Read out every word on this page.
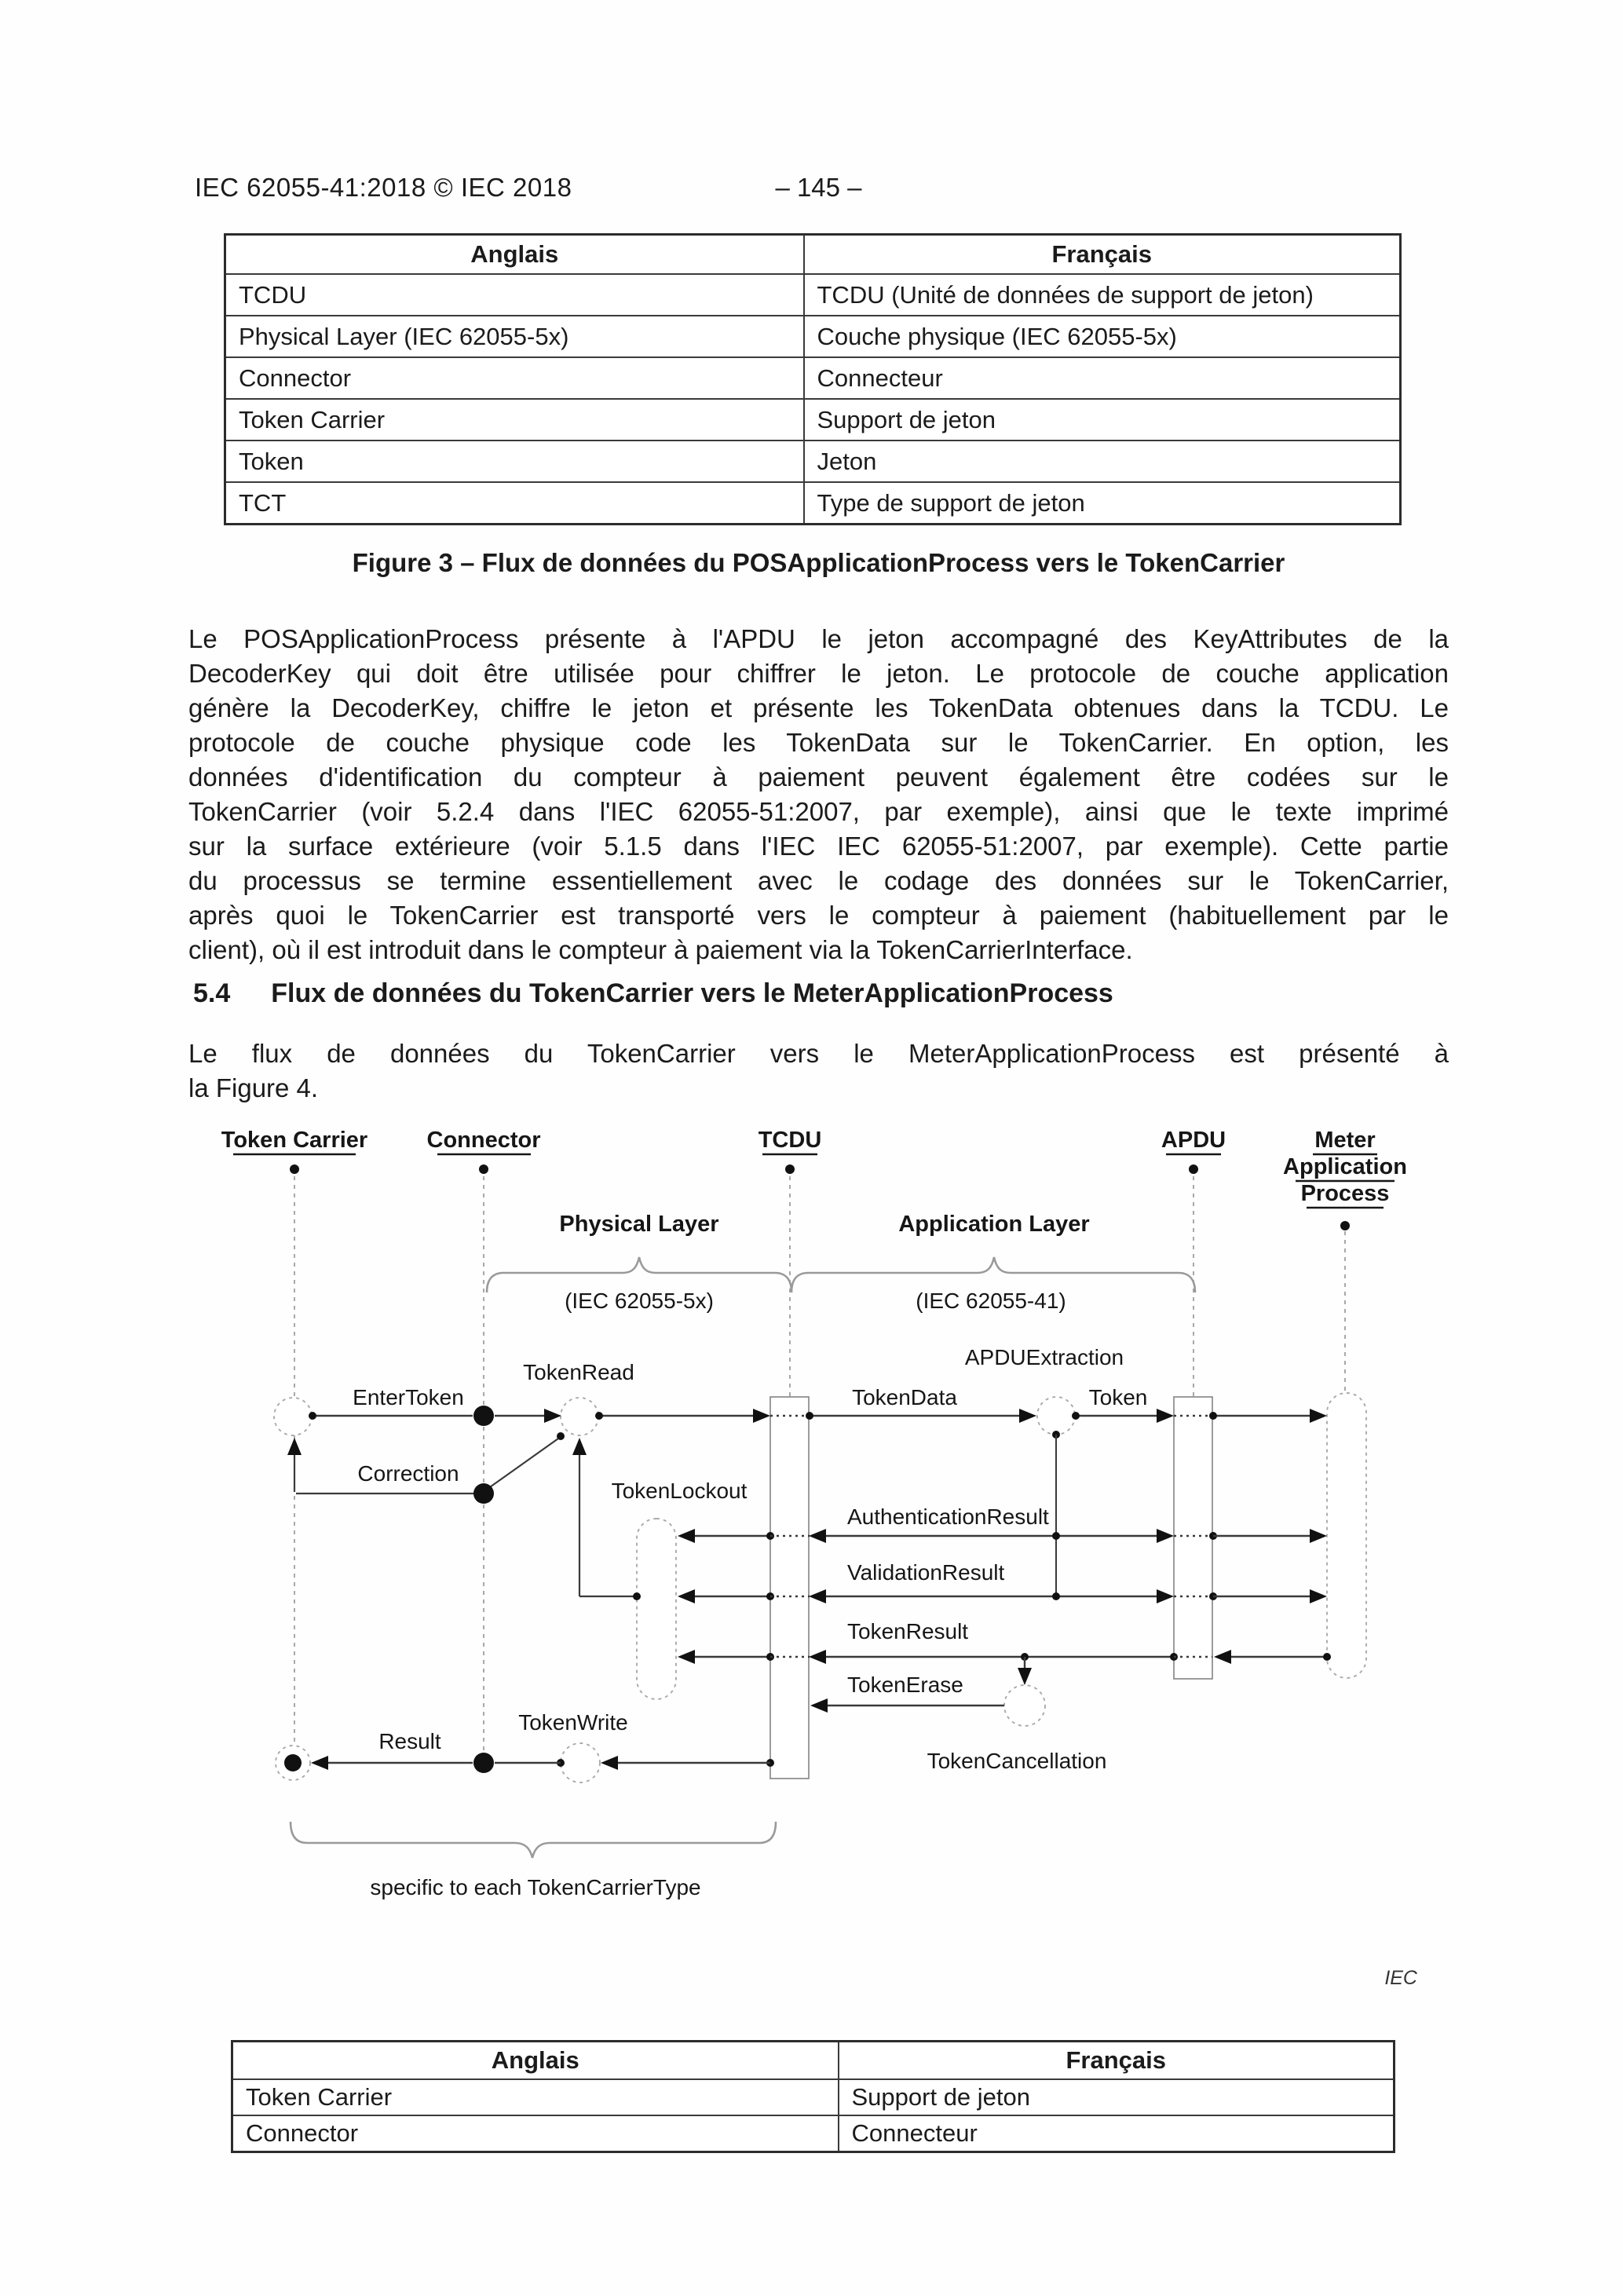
IEC 62055-41:2018 © IEC 2018	– 145 –
Anglais	Français
TCDU	TCDU (Unité de données de support de jeton)
Physical Layer (IEC 62055-5x)	Couche physique (IEC 62055-5x)
Connector	Connecteur
Token Carrier	Support de jeton
Token	Jeton
TCT	Type de support de jeton
Figure 3 – Flux de données du POSApplicationProcess vers le TokenCarrier
Le POSApplicationProcess présente à l'APDU le jeton accompagné des KeyAttributes de la
DecoderKey qui doit être utilisée pour chiffrer le jeton. Le protocole de couche application
génère la DecoderKey, chiffre le jeton et présente les TokenData obtenues dans la TCDU. Le
protocole de couche physique code les TokenData sur le TokenCarrier. En option, les
données d'identification du compteur à paiement peuvent également être codées sur le
TokenCarrier (voir 5.2.4 dans l'IEC 62055-51:2007, par exemple), ainsi que le texte imprimé
sur la surface extérieure (voir 5.1.5 dans l'IEC IEC 62055-51:2007, par exemple). Cette partie
du processus se termine essentiellement avec le codage des données sur le TokenCarrier,
après quoi le TokenCarrier est transporté vers le compteur à paiement (habituellement par le
client), où il est introduit dans le compteur à paiement via la TokenCarrierInterface.
5.4 Flux de données du TokenCarrier vers le MeterApplicationProcess
Le flux de données du TokenCarrier vers le MeterApplicationProcess est présenté à
la Figure 4.
Token Carrier	Connector	TCDU	APDU	Meter
Application
Process
Physical Layer	Application Layer
(IEC 62055-5x)	(IEC 62055-41)
EnterToken
TokenRead
TokenData
APDUExtraction
Token
Correction
TokenLockout
AuthenticationResult
ValidationResult
TokenResult
TokenErase
TokenCancellation
TokenWrite
Result
specific to each TokenCarrierType
IEC
Anglais	Français
Token Carrier	Support de jeton
Connector	Connecteur
